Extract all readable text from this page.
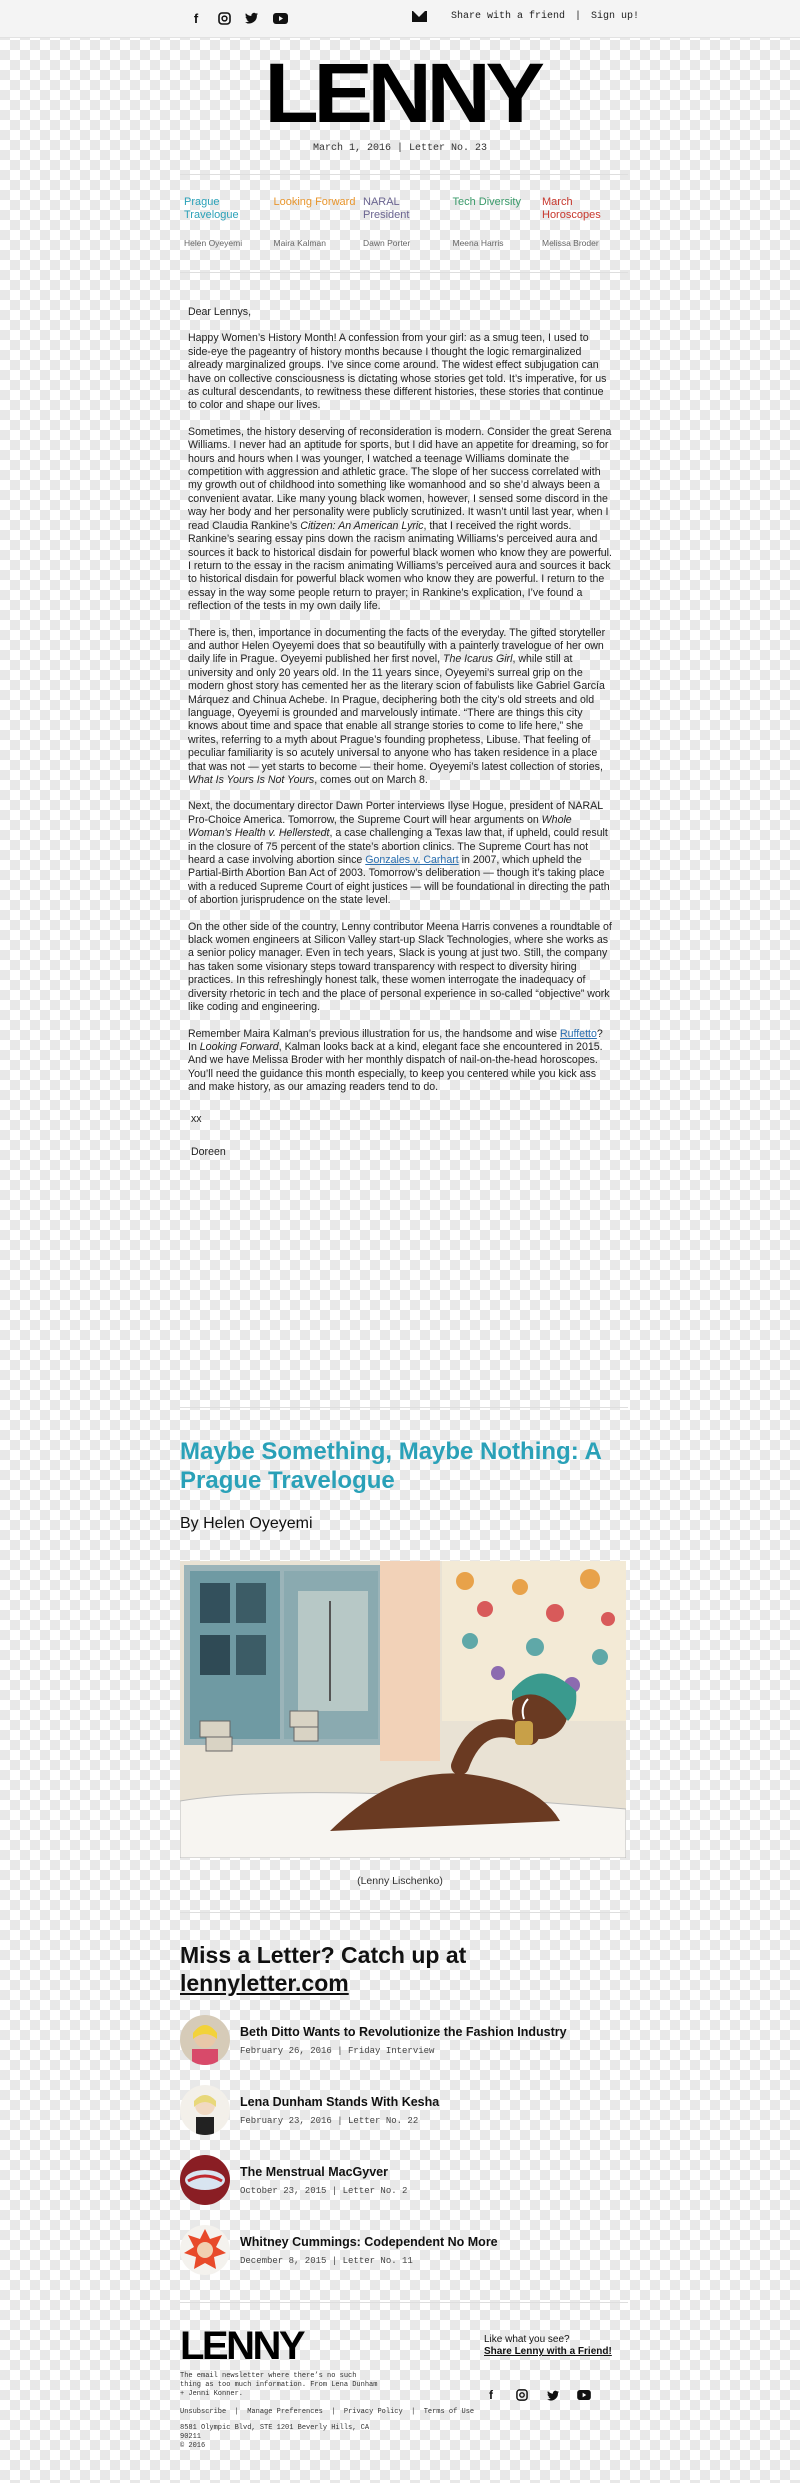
f	Share with a friend | Sign up!
LENNY
March 1, 2016 | Letter No. 23
Prague Travelogue
Helen Oyeyemi
Looking Forward
Maira Kalman
NARAL President
Dawn Porter
Tech Diversity
Meena Harris
March Horoscopes
Melissa Broder

Dear Lennys,

Happy Women’s History Month! A confession from your girl: as a smug teen, I used to side-eye the pageantry of history months because I thought the logic remarginalized already marginalized groups. I’ve since come around. The widest effect subjugation can have on collective consciousness is dictating whose stories get told. It’s imperative, for us as cultural descendants, to rewitness these different histories, these stories that continue to color and shape our lives.

Sometimes, the history deserving of reconsideration is modern. Consider the great Serena Williams. I never had an aptitude for sports, but I did have an appetite for dreaming, so for hours and hours when I was younger, I watched a teenage Williams dominate the competition with aggression and athletic grace. The slope of her success correlated with my growth out of childhood into something like womanhood and so she’d always been a convenient avatar. Like many young black women, however, I sensed some discord in the way her body and her personality were publicly scrutinized. It wasn’t until last year, when I read Claudia Rankine’s Citizen: An American Lyric, that I received the right words. Rankine’s searing essay pins down the racism animating Williams’s perceived aura and sources it back to historical disdain for powerful black women who know they are powerful. I return to the essay in the racism animating Williams’s perceived aura and sources it back to historical disdain for powerful black women who know they are powerful. I return to the essay in the way some people return to prayer; in Rankine’s explication, I’ve found a reflection of the tests in my own daily life.

There is, then, importance in documenting the facts of the everyday. The gifted storyteller and author Helen Oyeyemi does that so beautifully with a painterly travelogue of her own daily life in Prague. Oyeyemi published her first novel, The Icarus Girl, while still at university and only 20 years old. In the 11 years since, Oyeyemi’s surreal grip on the modern ghost story has cemented her as the literary scion of fabulists like Gabriel García Márquez and Chinua Achebe. In Prague, deciphering both the city’s old streets and old language, Oyeyemi is grounded and marvelously intimate. “There are things this city knows about time and space that enable all strange stories to come to life here,” she writes, referring to a myth about Prague’s founding prophetess, Libuse. That feeling of peculiar familiarity is so acutely universal to anyone who has taken residence in a place that was not — yet starts to become — their home. Oyeyemi’s latest collection of stories, What Is Yours Is Not Yours, comes out on March 8.

Next, the documentary director Dawn Porter interviews Ilyse Hogue, president of NARAL Pro-Choice America. Tomorrow, the Supreme Court will hear arguments on Whole Woman’s Health v. Hellerstedt, a case challenging a Texas law that, if upheld, could result in the closure of 75 percent of the state’s abortion clinics. The Supreme Court has not heard a case involving abortion since Gonzales v. Carhart in 2007, which upheld the Partial-Birth Abortion Ban Act of 2003. Tomorrow’s deliberation — though it’s taking place with a reduced Supreme Court of eight justices — will be foundational in directing the path of abortion jurisprudence on the state level.

On the other side of the country, Lenny contributor Meena Harris convenes a roundtable of black women engineers at Silicon Valley start-up Slack Technologies, where she works as a senior policy manager. Even in tech years, Slack is young at just two. Still, the company has taken some visionary steps toward transparency with respect to diversity hiring practices. In this refreshingly honest talk, these women interrogate the inadequacy of diversity rhetoric in tech and the place of personal experience in so-called “objective” work like coding and engineering.

Remember Maira Kalman’s previous illustration for us, the handsome and wise Ruffetto? In Looking Forward, Kalman looks back at a kind, elegant face she encountered in 2015. And we have Melissa Broder with her monthly dispatch of nail-on-the-head horoscopes. You’ll need the guidance this month especially, to keep you centered while you kick ass and make history, as our amazing readers tend to do.

xx

Doreen

Maybe Something, Maybe Nothing: A Prague Travelogue
By Helen Oyeyemi
(Lenny Lischenko)
Miss a Letter? Catch up at lennyletter.com
Beth Ditto Wants to Revolutionize the Fashion Industry
February 26, 2016 | Friday Interview
Lena Dunham Stands With Kesha
February 23, 2016 | Letter No. 22
The Menstrual MacGyver
October 23, 2015 | Letter No. 2
Whitney Cummings: Codependent No More
December 8, 2015 | Letter No. 11
LENNY
The email newsletter where there’s no such thing as too much information. From Lena Dunham + Jenni Konner.
Unsubscribe  |  Manage Preferences  |  Privacy Policy  |  Terms of Use
8581 Olympic Blvd, STE 1201 Beverly Hills, CA 90211
© 2016
Like what you see?
Share Lenny with a Friend!
f
